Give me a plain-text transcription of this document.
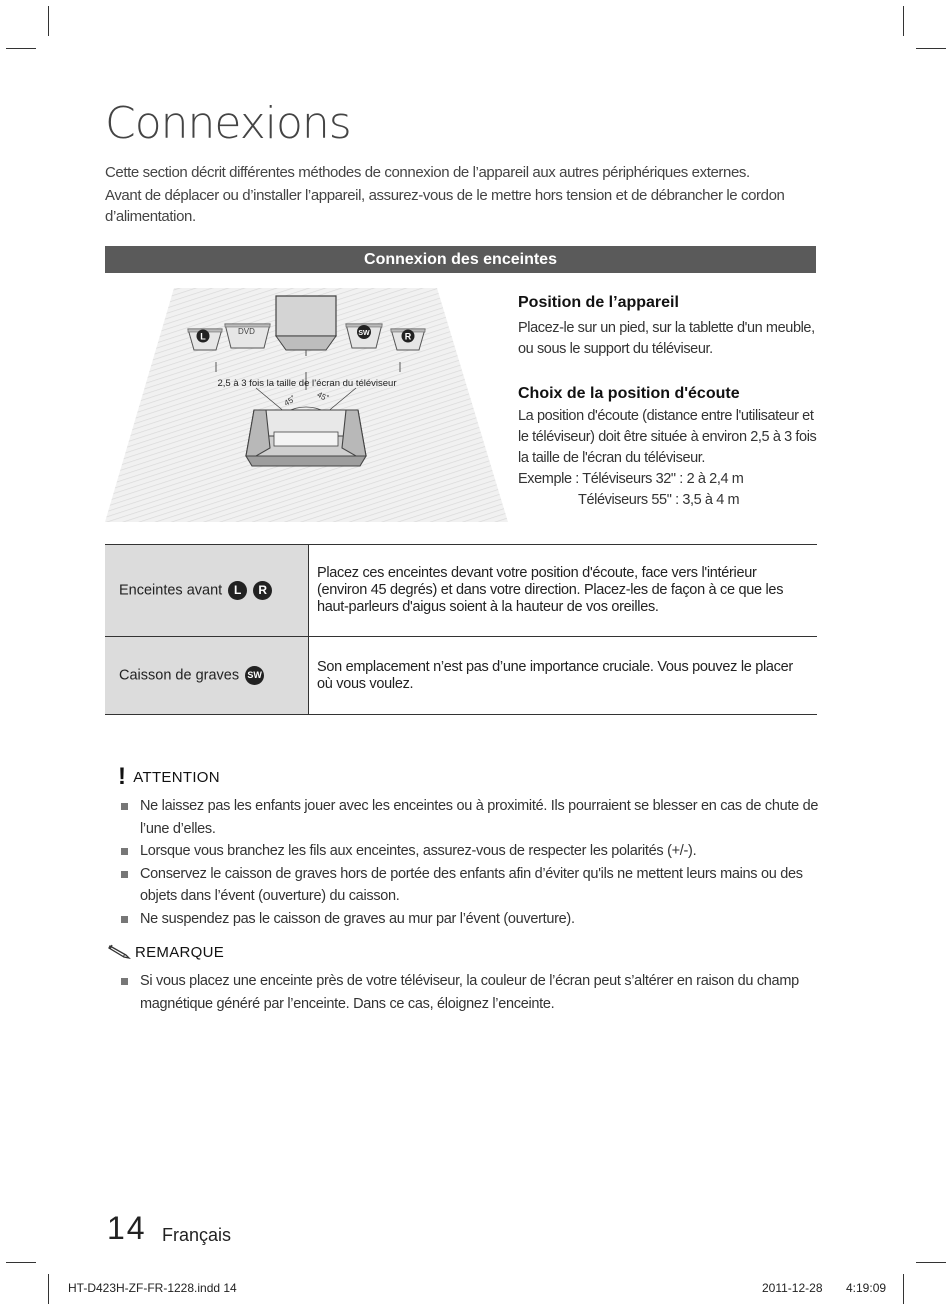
Connexions

Cette section décrit différentes méthodes de connexion de l’appareil aux autres périphériques externes.

Avant de déplacer ou d’installer l’appareil, assurez-vous de le mettre hors tension et de débrancher le cordon d’alimentation.

Connexion des enceintes
L	DVD	SW	R
2,5 à 3 fois la taille de l’écran du téléviseur
45˚ 45˚
Position de l’appareil

Placez-le sur un pied, sur la tablette d'un meuble, ou sous le support du téléviseur.

Choix de la position d'écoute

La position d'écoute (distance entre l'utilisateur et le téléviseur) doit être située à environ 2,5 à 3 fois la taille de l'écran du téléviseur.

Exemple : Téléviseurs 32" : 2 à 2,4 m

Téléviseurs 55" : 3,5 à 4 m

Enceintes avant L R	Placez ces enceintes devant votre position d'écoute, face vers l'intérieur (environ 45 degrés) et dans votre direction. Placez-les de façon à ce que les haut-parleurs d'aigus soient à la hauteur de vos oreilles.
Caisson de graves SW	Son emplacement n’est pas d’une importance cruciale. Vous pouvez le placer où vous voulez.
! ATTENTION
Ne laissez pas les enfants jouer avec les enceintes ou à proximité. Ils pourraient se blesser en cas de chute de l’une d’elles.
Lorsque vous branchez les fils aux enceintes, assurez-vous de respecter les polarités (+/-).
Conservez le caisson de graves hors de portée des enfants afin d’éviter qu'ils ne mettent leurs mains ou des objets dans l’évent (ouverture) du caisson.
Ne suspendez pas le caisson de graves au mur par l’évent (ouverture).
REMARQUE
Si vous placez une enceinte près de votre téléviseur, la couleur de l’écran peut s’altérer en raison du champ magnétique généré par l’enceinte. Dans ce cas, éloignez l’enceinte.
14 Français
HT-D423H-ZF-FR-1228.indd 14	2011-12-28 4:19:09
